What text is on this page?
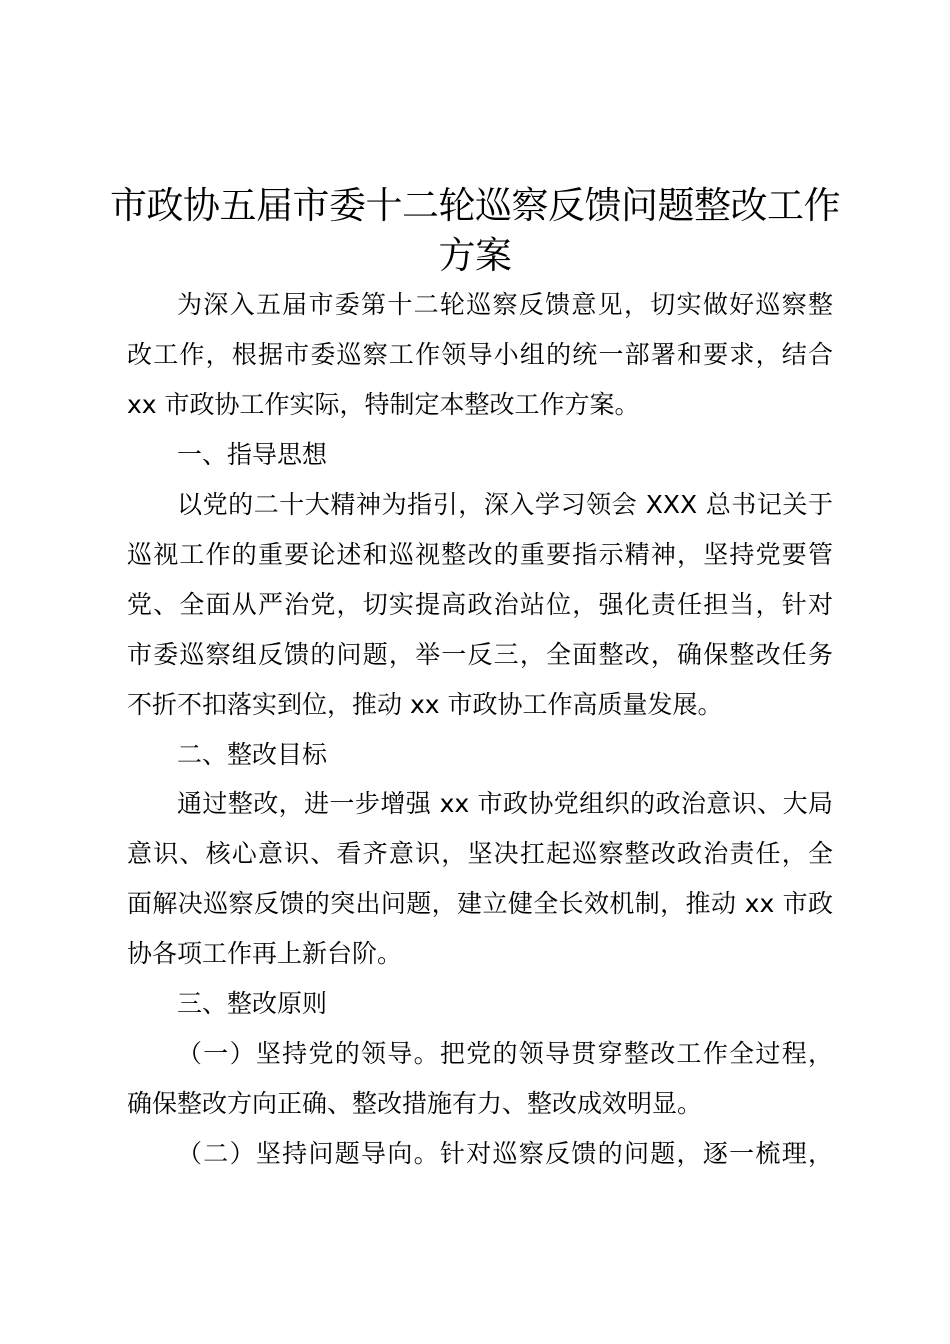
市政协五届市委十二轮巡察反馈问题整改工作
方案
为深入五届市委第十二轮巡察反馈意见，切实做好巡察整
改工作，根据市委巡察工作领导小组的统一部署和要求，结合
xx 市政协工作实际，特制定本整改工作方案。
一、指导思想
以党的二十大精神为指引，深入学习领会 XXX 总书记关于
巡视工作的重要论述和巡视整改的重要指示精神，坚持党要管
党、全面从严治党，切实提高政治站位，强化责任担当，针对
市委巡察组反馈的问题，举一反三，全面整改，确保整改任务
不折不扣落实到位，推动 xx 市政协工作高质量发展。
二、整改目标
通过整改，进一步增强 xx 市政协党组织的政治意识、大局
意识、核心意识、看齐意识，坚决扛起巡察整改政治责任，全
面解决巡察反馈的突出问题，建立健全长效机制，推动 xx 市政
协各项工作再上新台阶。
三、整改原则
（一）坚持党的领导。把党的领导贯穿整改工作全过程，
确保整改方向正确、整改措施有力、整改成效明显。
（二）坚持问题导向。针对巡察反馈的问题，逐一梳理，
